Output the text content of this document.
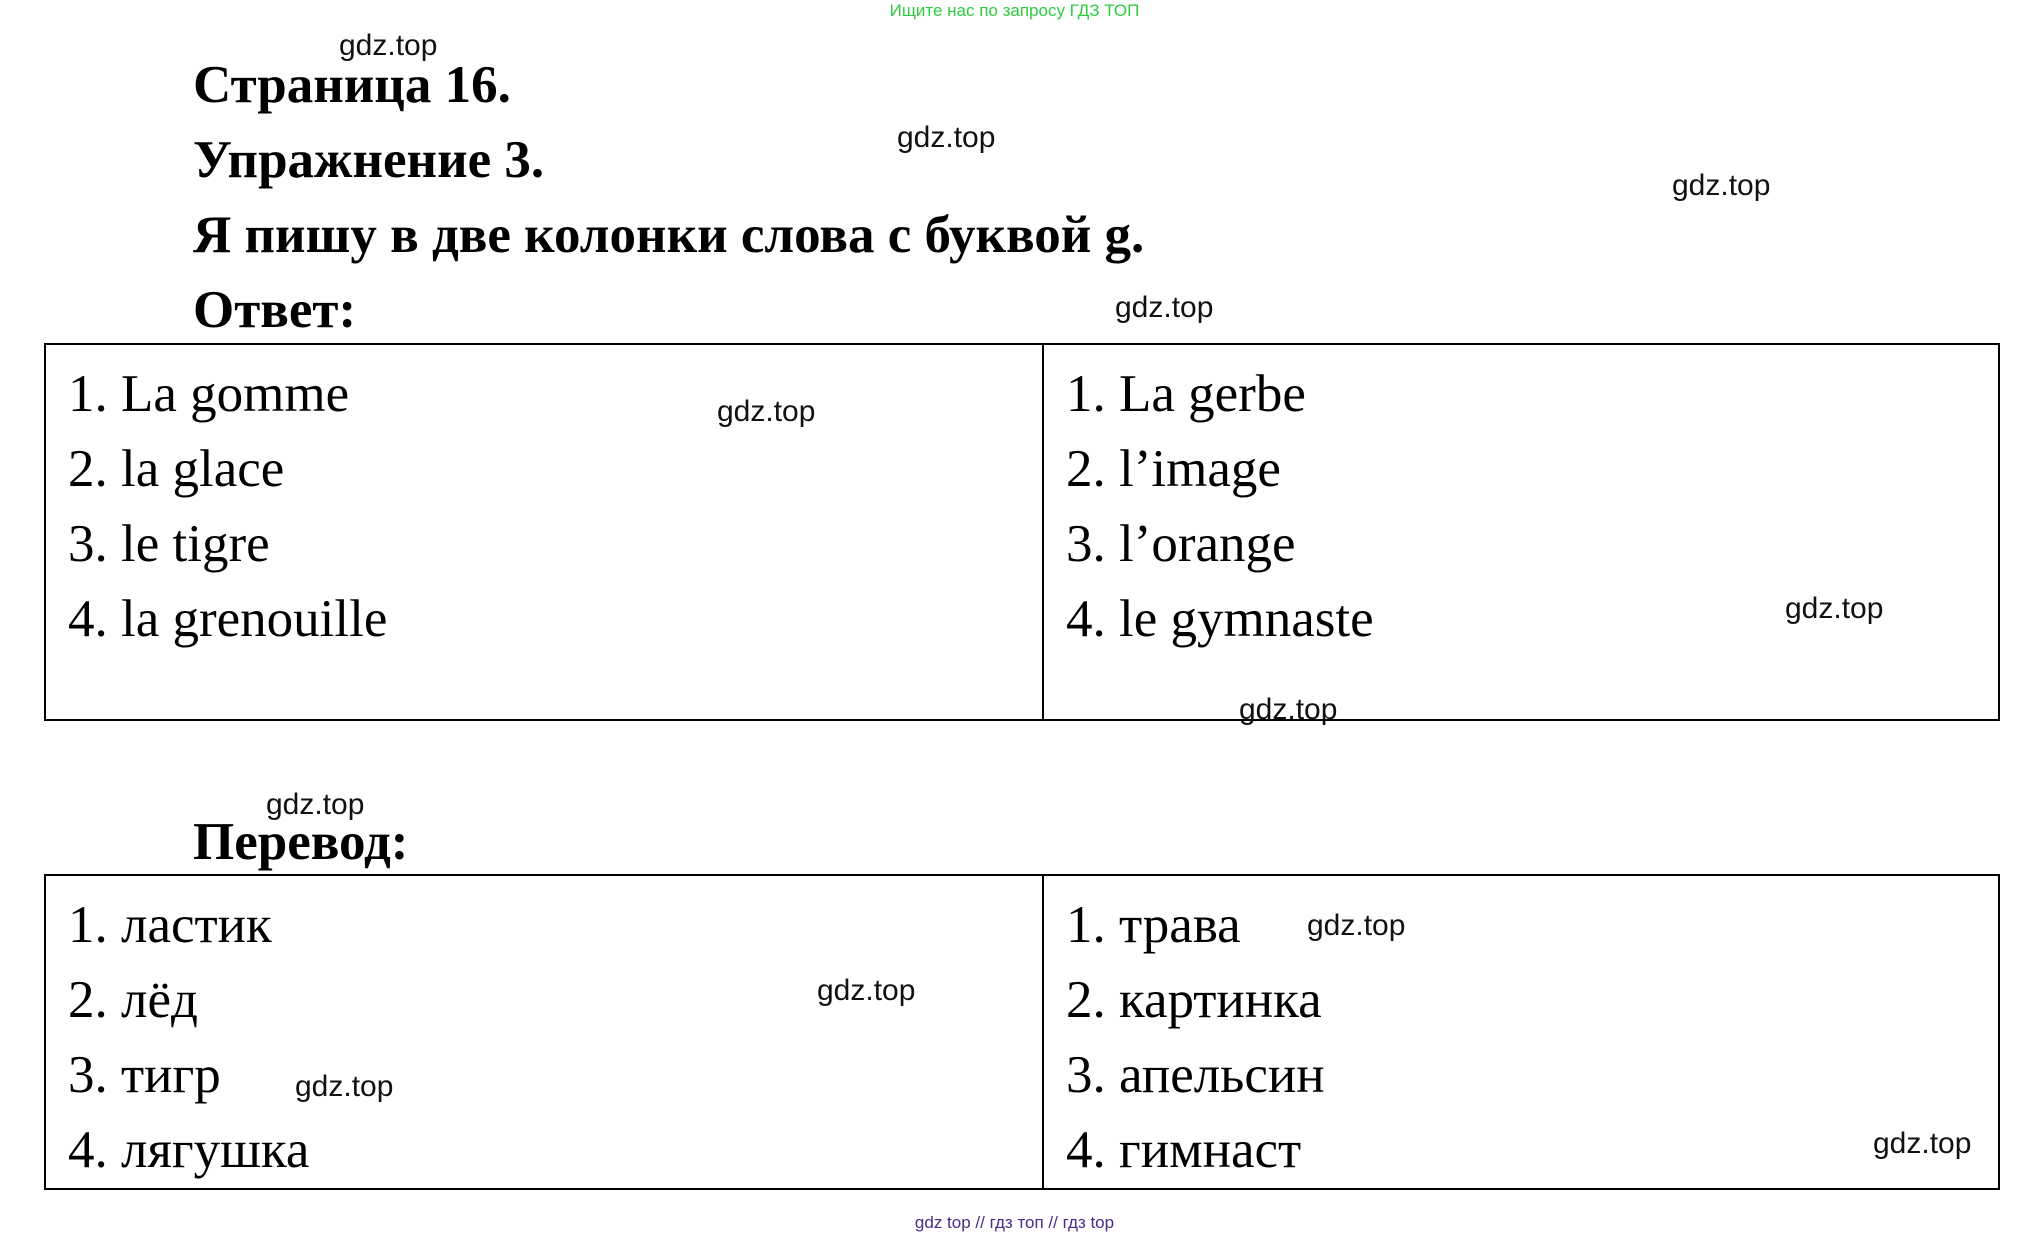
Ищите нас по запросу ГДЗ ТОП
Страница 16.
Упражнение 3.
Я пишу в две колонки слова с буквой g.
Ответ:
1. La gomme
2. la glace
3. le tigre
4. la grenouille

1. La gerbe
2. l’image
3. l’orange
4. le gymnaste
Перевод:
1. ластик
2. лёд
3. тигр
4. лягушка

1. трава
2. картинка
3. апельсин
4. гимнаст
gdz.top
gdz.top
gdz.top
gdz.top
gdz.top
gdz.top
gdz.top
gdz.top
gdz.top
gdz.top
gdz.top
gdz.top
gdz top // гдз топ // гдз top
